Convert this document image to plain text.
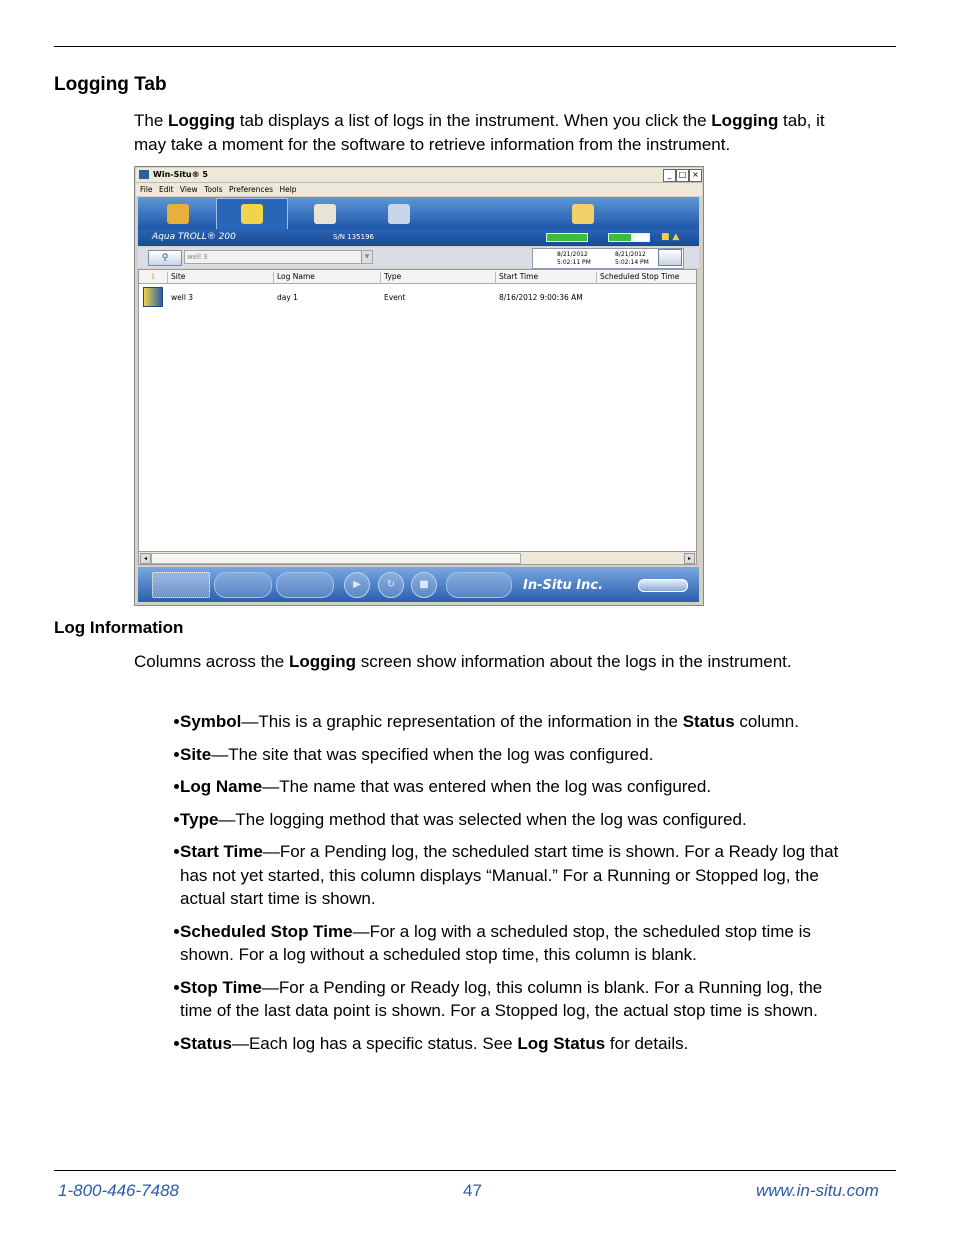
Logging Tab
The Logging tab displays a list of logs in the instrument. When you click the Logging tab, it may take a moment for the software to retrieve information from the instrument.
Win-Situ® 5	_ □ ×
File Edit View Tools Preferences Help
Aqua TROLL® 200	S/N 135196	■ ▲
⚲	well 3	▼	8/21/2012
5:02:11 PM
8/21/2012
5:02:14 PM
⇩	Site	Log Name	Type	Start Time	Scheduled Stop Time
well 3	day 1	Event	8/16/2012 9:00:36 AM
◂	▸
▶	↻	■	In-Situ Inc.
Log Information
Columns across the Logging screen show information about the logs in the instrument.
Symbol—This is a graphic representation of the information in the Status column.
Site—The site that was specified when the log was configured.
Log Name—The name that was entered when the log was configured.
Type—The logging method that was selected when the log was configured.
Start Time—For a Pending log, the scheduled start time is shown. For a Ready log that has not yet started, this column displays “Manual.” For a Running or Stopped log, the actual start time is shown.
Scheduled Stop Time—For a log with a scheduled stop, the scheduled stop time is shown. For a log without a scheduled stop time, this column is blank.
Stop Time—For a Pending or Ready log, this column is blank. For a Running log, the time of the last data point is shown. For a Stopped log, the actual stop time is shown.
Status—Each log has a specific status. See Log Status for details.
1-800-446-7488	47	www.in-situ.com
